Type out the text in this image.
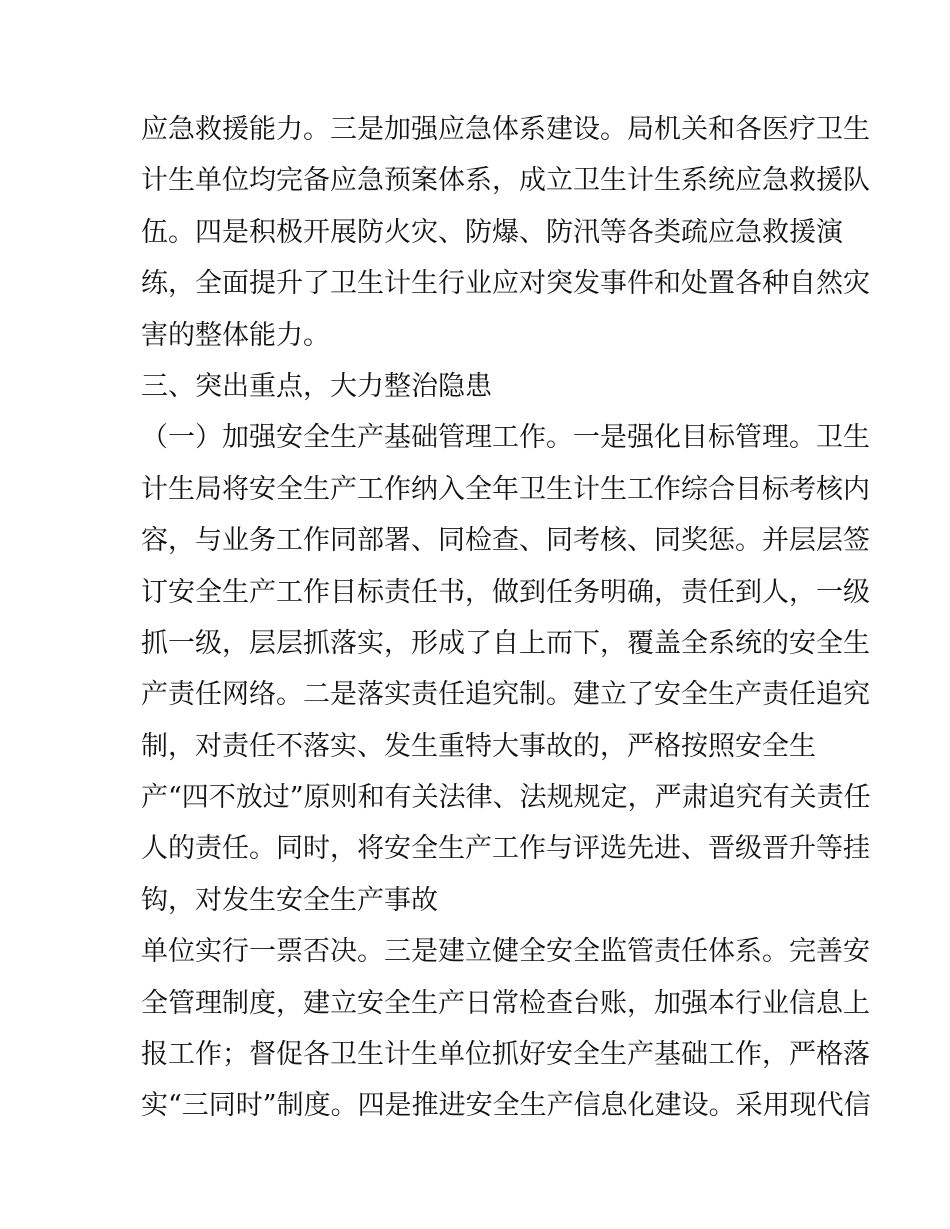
应急救援能力。三是加强应急体系建设。局机关和各医疗卫生
计生单位均完备应急预案体系，成立卫生计生系统应急救援队
伍。四是积极开展防火灾、防爆、防汛等各类疏应急救援演
练，全面提升了卫生计生行业应对突发事件和处置各种自然灾
害的整体能力。
三、突出重点，大力整治隐患
（一）加强安全生产基础管理工作。一是强化目标管理。卫生
计生局将安全生产工作纳入全年卫生计生工作综合目标考核内
容，与业务工作同部署、同检查、同考核、同奖惩。并层层签
订安全生产工作目标责任书，做到任务明确，责任到人，一级
抓一级，层层抓落实，形成了自上而下，覆盖全系统的安全生
产责任网络。二是落实责任追究制。建立了安全生产责任追究
制，对责任不落实、发生重特大事故的，严格按照安全生
产“四不放过”原则和有关法律、法规规定，严肃追究有关责任
人的责任。同时，将安全生产工作与评选先进、晋级晋升等挂
钩，对发生安全生产事故
单位实行一票否决。三是建立健全安全监管责任体系。完善安
全管理制度，建立安全生产日常检查台账，加强本行业信息上
报工作；督促各卫生计生单位抓好安全生产基础工作，严格落
实“三同时”制度。四是推进安全生产信息化建设。采用现代信
